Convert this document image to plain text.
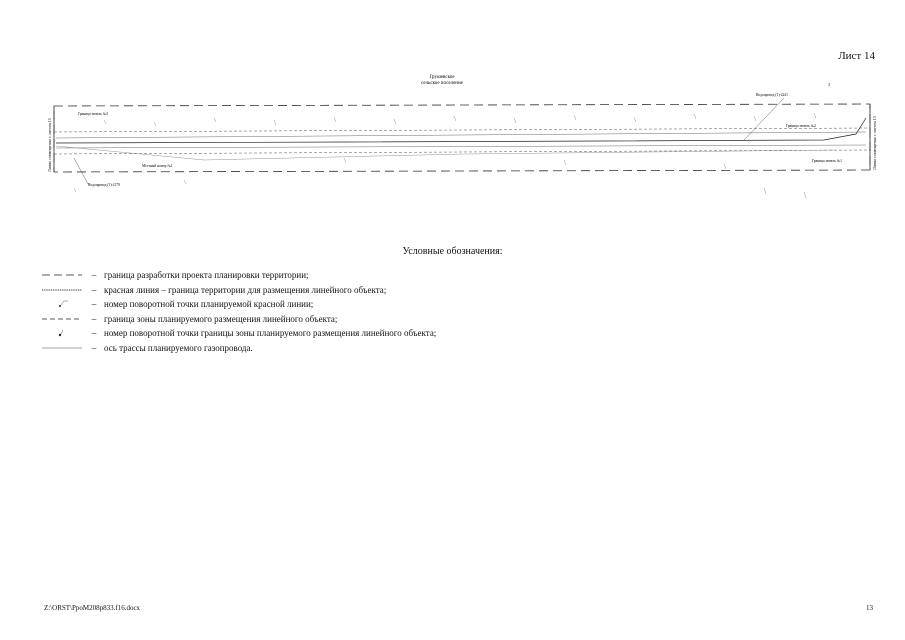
Лист 14
Грушевское
сельское поселение
Линия совмещения с листом 15	Линия совмещения с листом 13
Граница земель №3
Водопровод (1)-2241
Граница земель №2
Граница земель №1
Водопровод (1)-2179
Местный номер №1
3
Условные обозначения:
– граница разработки проекта планировки территории;
– красная линия – граница территории для размещения линейного объекта;
– номер поворотной точки планируемой красной линии;
– граница зоны планируемого размещения линейного объекта;
– номер поворотной точки границы зоны планируемого размещения линейного объекта;
– ось трассы планируемого газопровода.
Z:\ORST\PpoM208p833.f16.docx	13
